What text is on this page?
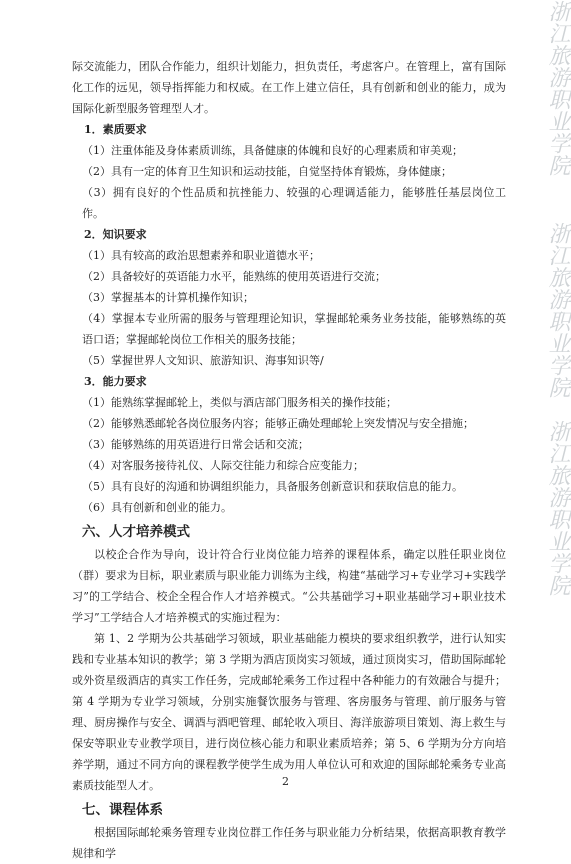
浙江旅游职业学院
浙江旅游职业学院
浙江旅游职业学院

际交流能力，团队合作能力，组织计划能力，担负责任，考虑客户。在管理上，富有国际化工作的远见，领导指挥能力和权威。在工作上建立信任，具有创新和创业的能力，成为国际化新型服务管理型人才。

1．素质要求

（1）注重体能及身体素质训练，具备健康的体魄和良好的心理素质和审美观；

（2）具有一定的体育卫生知识和运动技能，自觉坚持体育锻炼，身体健康；

（3）拥有良好的个性品质和抗挫能力、较强的心理调适能力，能够胜任基层岗位工作。

2．知识要求

（1）具有较高的政治思想素养和职业道德水平；

（2）具备较好的英语能力水平，能熟练的使用英语进行交流；

（3）掌握基本的计算机操作知识；

（4）掌握本专业所需的服务与管理理论知识，掌握邮轮乘务业务技能，能够熟练的英语口语；掌握邮轮岗位工作相关的服务技能；

（5）掌握世界人文知识、旅游知识、海事知识等/

3．能力要求

（1）能熟练掌握邮轮上，类似与酒店部门服务相关的操作技能；

（2）能够熟悉邮轮各岗位服务内容；能够正确处理邮轮上突发情况与安全措施；

（3）能够熟练的用英语进行日常会话和交流；

（4）对客服务接待礼仪、人际交往能力和综合应变能力；

（5）具有良好的沟通和协调组织能力，具备服务创新意识和获取信息的能力。

（6）具有创新和创业的能力。

六、人才培养模式

以校企合作为导向，设计符合行业岗位能力培养的课程体系，确定以胜任职业岗位（群）要求为目标，职业素质与职业能力训练为主线，构建“基础学习+专业学习+实践学习”的工学结合、校企全程合作人才培养模式。“公共基础学习+职业基础学习+职业技术学习”工学结合人才培养模式的实施过程为：

第 1、2 学期为公共基础学习领域，职业基础能力模块的要求组织教学，进行认知实践和专业基本知识的教学；第 3 学期为酒店顶岗实习领域，通过顶岗实习，借助国际邮轮或外资星级酒店的真实工作任务，完成邮轮乘务工作过程中各种能力的有效融合与提升；第 4 学期为专业学习领域，分别实施餐饮服务与管理、客房服务与管理、前厅服务与管理、厨房操作与安全、调酒与酒吧管理、邮轮收入项目、海洋旅游项目策划、海上救生与保安等职业专业教学项目，进行岗位核心能力和职业素质培养；第 5、6 学期为分方向培养学期，通过不同方向的课程教学使学生成为用人单位认可和欢迎的国际邮轮乘务专业高素质技能型人才。

七、课程体系

根据国际邮轮乘务管理专业岗位群工作任务与职业能力分析结果，依据高职教育教学规律和学

2
